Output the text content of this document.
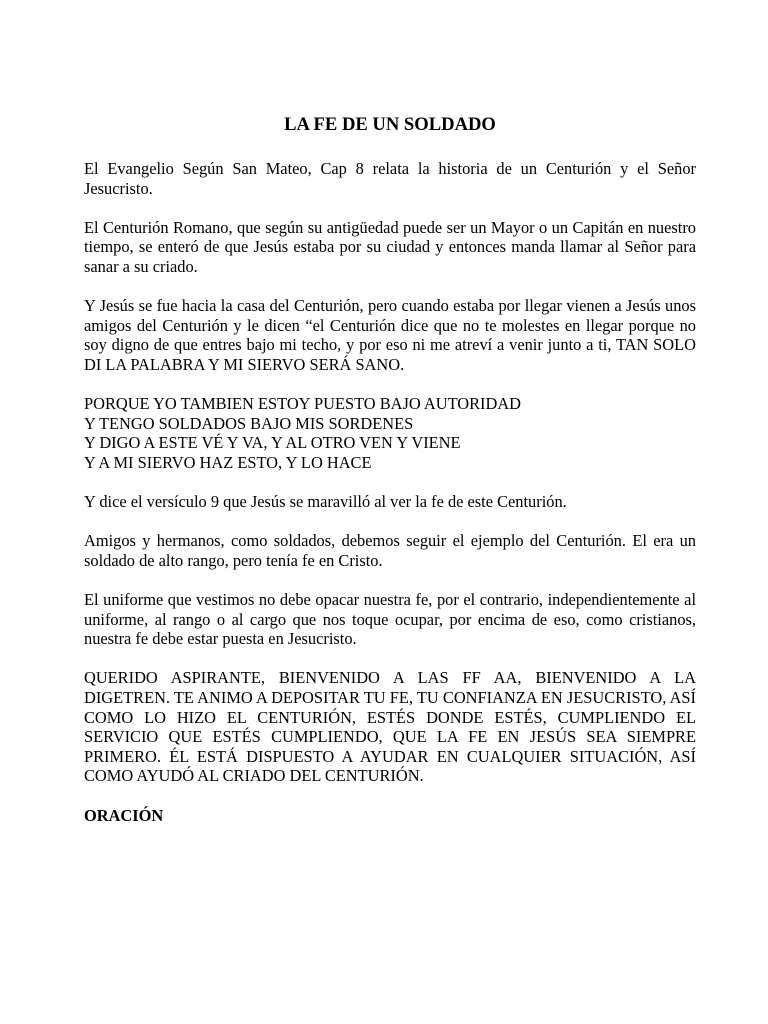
LA FE DE UN SOLDADO

El Evangelio Según San Mateo, Cap 8 relata la historia de un Centurión y el Señor Jesucristo.

El Centurión Romano, que según su antigüedad puede ser un Mayor o un Capitán en nuestro tiempo, se enteró de que Jesús estaba por su ciudad y entonces manda llamar al Señor para sanar a su criado.

Y Jesús se fue hacia la casa del Centurión, pero cuando estaba por llegar vienen a Jesús unos amigos del Centurión y le dicen “el Centurión dice que no te molestes en llegar porque no soy digno de que entres bajo mi techo, y por eso ni me atreví a venir junto a ti, TAN SOLO DI LA PALABRA Y MI SIERVO SERÁ SANO.

PORQUE YO TAMBIEN ESTOY PUESTO BAJO AUTORIDAD
Y TENGO SOLDADOS BAJO MIS SORDENES
Y DIGO A ESTE VÉ Y VA, Y AL OTRO VEN Y VIENE
Y A MI SIERVO HAZ ESTO, Y LO HACE

Y dice el versículo 9 que Jesús se maravilló al ver la fe de este Centurión.

Amigos y hermanos, como soldados, debemos seguir el ejemplo del Centurión. El era un soldado de alto rango, pero tenía fe en Cristo.

El uniforme que vestimos no debe opacar nuestra fe, por el contrario, independientemente al uniforme, al rango o al cargo que nos toque ocupar, por encima de eso, como cristianos, nuestra fe debe estar puesta en Jesucristo.

QUERIDO ASPIRANTE, BIENVENIDO A LAS FF AA, BIENVENIDO A LA DIGETREN. TE ANIMO A DEPOSITAR TU FE, TU CONFIANZA EN JESUCRISTO, ASÍ COMO LO HIZO EL CENTURIÓN, ESTÉS DONDE ESTÉS, CUMPLIENDO EL SERVICIO QUE ESTÉS CUMPLIENDO, QUE LA FE EN JESÚS SEA SIEMPRE PRIMERO. ÉL ESTÁ DISPUESTO A AYUDAR EN CUALQUIER SITUACIÓN, ASÍ COMO AYUDÓ AL CRIADO DEL CENTURIÓN.

ORACIÓN
